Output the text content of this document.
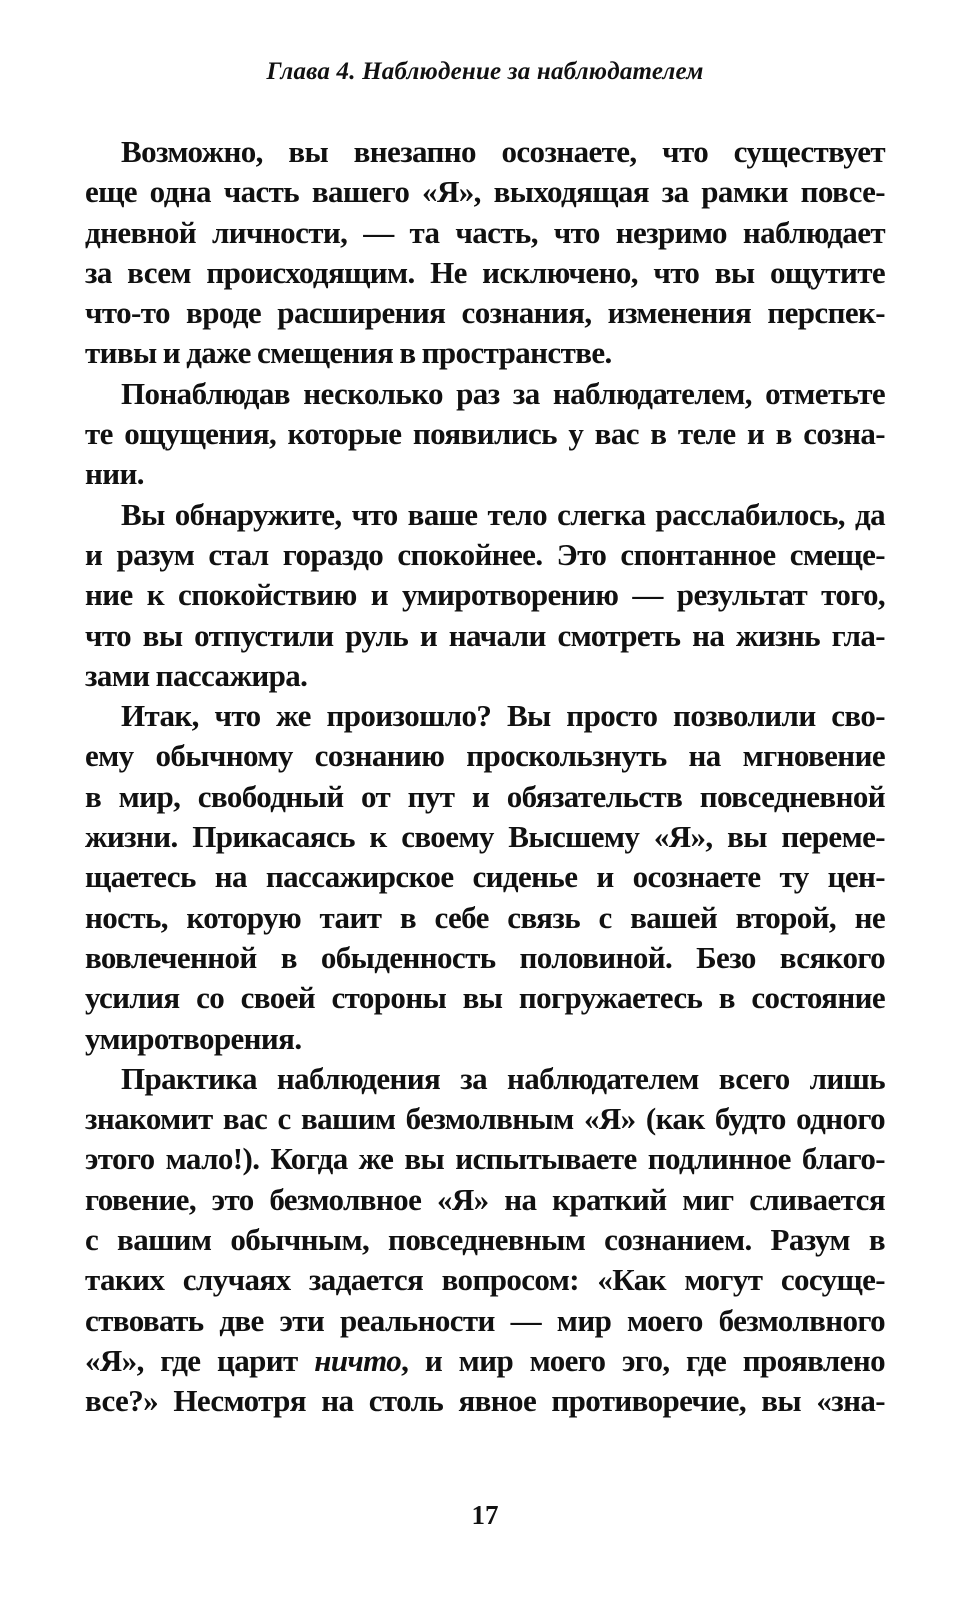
Глава 4. Наблюдение за наблюдателем
Возможно, вы внезапно осознаете, что существует
еще одна часть вашего «Я», выходящая за рамки повсе-
дневной личности, — та часть, что незримо наблюдает
за всем происходящим. Не исключено, что вы ощутите
что-то вроде расширения сознания, изменения перспек-
тивы и даже смещения в пространстве.
Понаблюдав несколько раз за наблюдателем, отметьте
те ощущения, которые появились у вас в теле и в созна-
нии.
Вы обнаружите, что ваше тело слегка расслабилось, да
и разум стал гораздо спокойнее. Это спонтанное смеще-
ние к спокойствию и умиротворению — результат того,
что вы отпустили руль и начали смотреть на жизнь гла-
зами пассажира.
Итак, что же произошло? Вы просто позволили сво-
ему обычному сознанию проскользнуть на мгновение
в мир, свободный от пут и обязательств повседневной
жизни. Прикасаясь к своему Высшему «Я», вы переме-
щаетесь на пассажирское сиденье и осознаете ту цен-
ность, которую таит в себе связь с вашей второй, не
вовлеченной в обыденность половиной. Безо всякого
усилия со своей стороны вы погружаетесь в состояние
умиротворения.
Практика наблюдения за наблюдателем всего лишь
знакомит вас с вашим безмолвным «Я» (как будто одного
этого мало!). Когда же вы испытываете подлинное благо-
говение, это безмолвное «Я» на краткий миг сливается
с вашим обычным, повседневным сознанием. Разум в
таких случаях задается вопросом: «Как могут сосуще-
ствовать две эти реальности — мир моего безмолвного
«Я», где царит ничто, и мир моего эго, где проявлено
все?» Несмотря на столь явное противоречие, вы «зна-
17
